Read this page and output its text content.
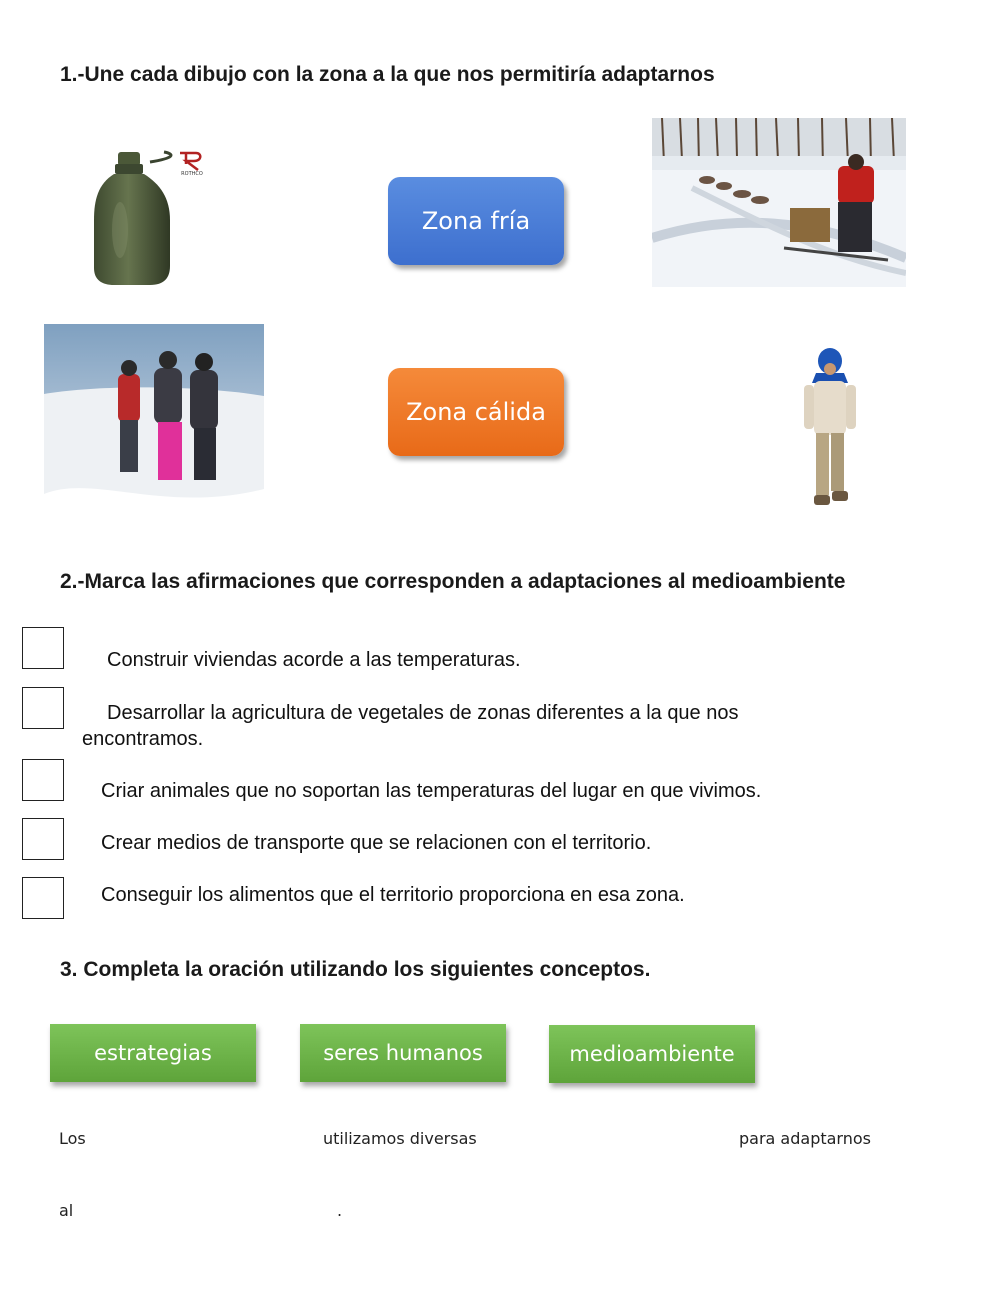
1.-Une cada dibujo con la zona a la que nos permitiría adaptarnos
ROTHCO
Zona fría
Zona cálida
2.-Marca las afirmaciones que corresponden a adaptaciones al medioambiente
Construir viviendas acorde a las temperaturas.
Desarrollar la agricultura de vegetales de zonas diferentes a la que nos
encontramos.
Criar animales que no soportan las temperaturas del lugar en que vivimos.
Crear medios de transporte que se relacionen con el territorio.
Conseguir los alimentos que el territorio proporciona en esa zona.
3. Completa la oración utilizando los siguientes conceptos.
estrategias	seres humanos	medioambiente
Los	utilizamos diversas	para adaptarnos
al	.
